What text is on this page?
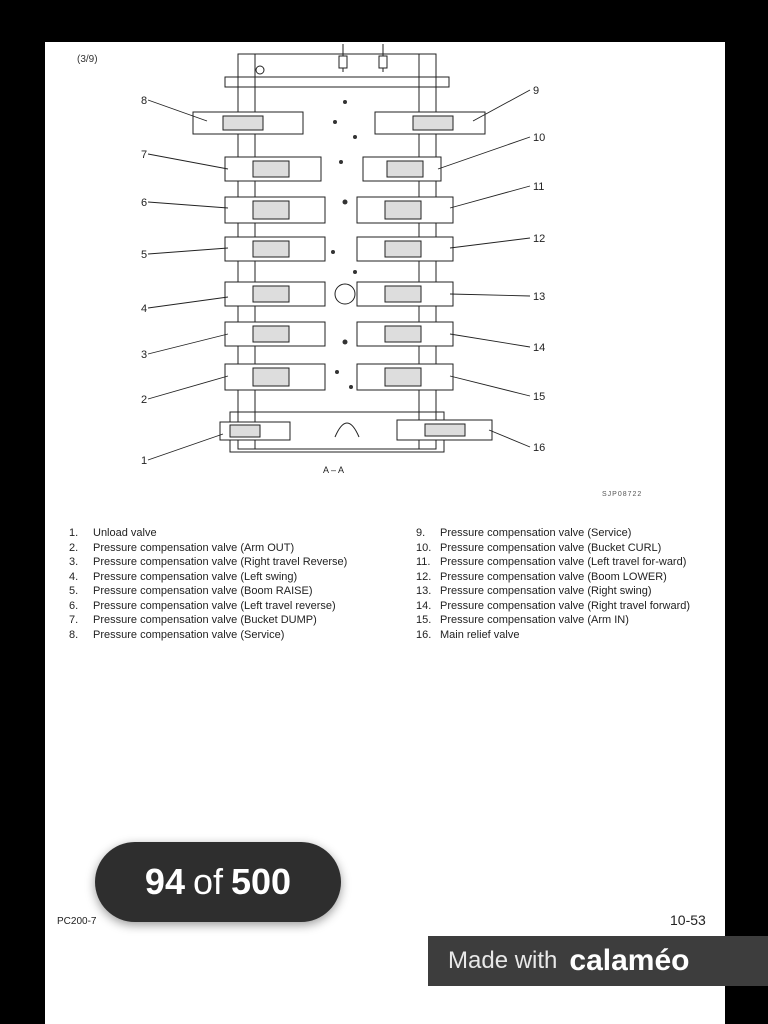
(3/9)
8
7
6
5
4
3
2
1
9
10
11
12
13
14
15
16
A – A
SJP08722
1.	Unload valve
2.	Pressure compensation valve (Arm OUT)
3.	Pressure compensation valve (Right travel Reverse)
4.	Pressure compensation valve (Left swing)
5.	Pressure compensation valve (Boom RAISE)
6.	Pressure compensation valve (Left travel reverse)
7.	Pressure compensation valve (Bucket DUMP)
8.	Pressure compensation valve (Service)
9.	Pressure compensation valve (Service)
10. Pressure compensation valve (Bucket CURL)
11. Pressure compensation valve (Left travel for-ward)
12. Pressure compensation valve (Boom LOWER)
13. Pressure compensation valve (Right swing)
14. Pressure compensation valve (Right travel forward)
15. Pressure compensation valve (Arm IN)
16. Main relief valve
PC200-7	10-53
94 of 500
Made with calaméo
